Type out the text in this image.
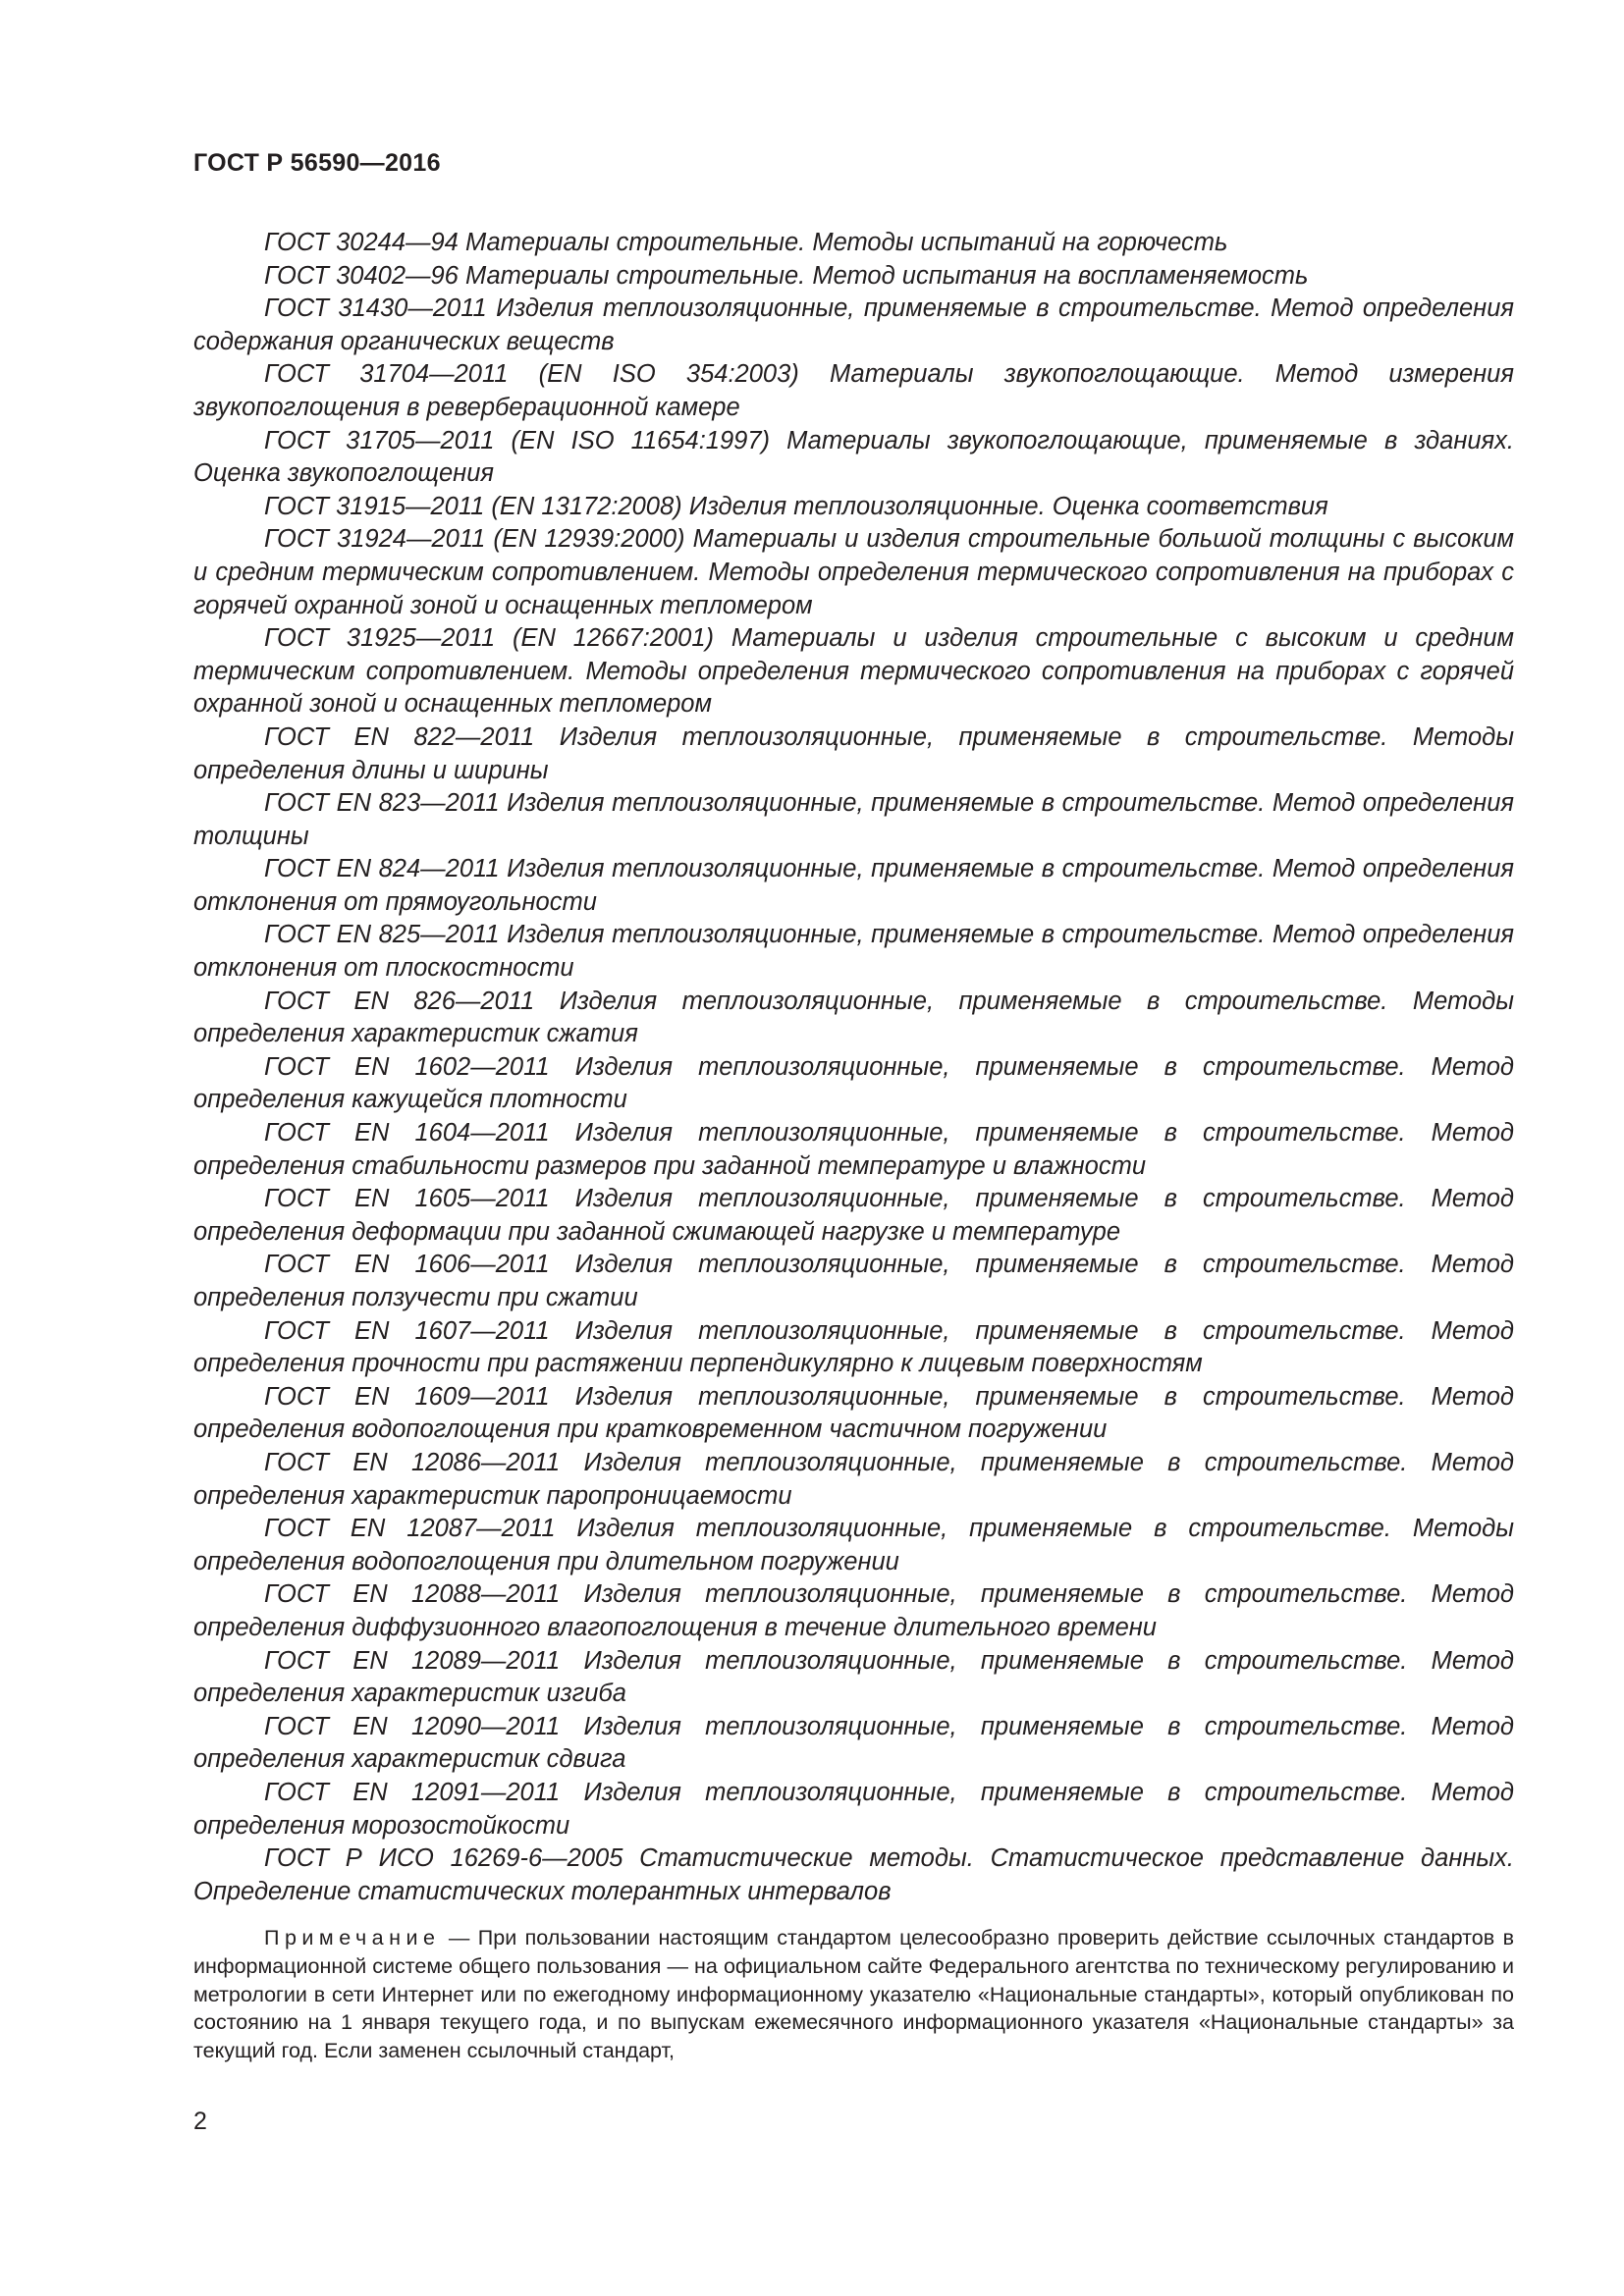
ГОСТ Р 56590—2016

ГОСТ 30244—94 Материалы строительные. Методы испытаний на горючесть

ГОСТ 30402—96 Материалы строительные. Метод испытания на воспламеняемость

ГОСТ 31430—2011 Изделия теплоизоляционные, применяемые в строительстве. Метод определения содержания органических веществ

ГОСТ 31704—2011 (EN ISO 354:2003) Материалы звукопоглощающие. Метод измерения звукопоглощения в реверберационной камере

ГОСТ 31705—2011 (EN ISO 11654:1997) Материалы звукопоглощающие, применяемые в зданиях. Оценка звукопоглощения

ГОСТ 31915—2011 (EN 13172:2008) Изделия теплоизоляционные. Оценка соответствия

ГОСТ 31924—2011 (EN 12939:2000) Материалы и изделия строительные большой толщины с высоким и средним термическим сопротивлением. Методы определения термического сопротивления на приборах с горячей охранной зоной и оснащенных тепломером

ГОСТ 31925—2011 (EN 12667:2001) Материалы и изделия строительные с высоким и средним термическим сопротивлением. Методы определения термического сопротивления на приборах с горячей охранной зоной и оснащенных тепломером

ГОСТ EN 822—2011 Изделия теплоизоляционные, применяемые в строительстве. Методы определения длины и ширины

ГОСТ EN 823—2011 Изделия теплоизоляционные, применяемые в строительстве. Метод определения толщины

ГОСТ EN 824—2011 Изделия теплоизоляционные, применяемые в строительстве. Метод определения отклонения от прямоугольности

ГОСТ EN 825—2011 Изделия теплоизоляционные, применяемые в строительстве. Метод определения отклонения от плоскостности

ГОСТ EN 826—2011 Изделия теплоизоляционные, применяемые в строительстве. Методы определения характеристик сжатия

ГОСТ EN 1602—2011 Изделия теплоизоляционные, применяемые в строительстве. Метод определения кажущейся плотности

ГОСТ EN 1604—2011 Изделия теплоизоляционные, применяемые в строительстве. Метод определения стабильности размеров при заданной температуре и влажности

ГОСТ EN 1605—2011 Изделия теплоизоляционные, применяемые в строительстве. Метод определения деформации при заданной сжимающей нагрузке и температуре

ГОСТ EN 1606—2011 Изделия теплоизоляционные, применяемые в строительстве. Метод определения ползучести при сжатии

ГОСТ EN 1607—2011 Изделия теплоизоляционные, применяемые в строительстве. Метод определения прочности при растяжении перпендикулярно к лицевым поверхностям

ГОСТ EN 1609—2011 Изделия теплоизоляционные, применяемые в строительстве. Метод определения водопоглощения при кратковременном частичном погружении

ГОСТ EN 12086—2011 Изделия теплоизоляционные, применяемые в строительстве. Метод определения характеристик паропроницаемости

ГОСТ EN 12087—2011 Изделия теплоизоляционные, применяемые в строительстве. Методы определения водопоглощения при длительном погружении

ГОСТ EN 12088—2011 Изделия теплоизоляционные, применяемые в строительстве. Метод определения диффузионного влагопоглощения в течение длительного времени

ГОСТ EN 12089—2011 Изделия теплоизоляционные, применяемые в строительстве. Метод определения характеристик изгиба

ГОСТ EN 12090—2011 Изделия теплоизоляционные, применяемые в строительстве. Метод определения характеристик сдвига

ГОСТ EN 12091—2011 Изделия теплоизоляционные, применяемые в строительстве. Метод определения морозостойкости

ГОСТ Р ИСО 16269-6—2005 Статистические методы. Статистическое представление данных. Определение статистических толерантных интервалов

Примечание — При пользовании настоящим стандартом целесообразно проверить действие ссылочных стандартов в информационной системе общего пользования — на официальном сайте Федерального агентства по техническому регулированию и метрологии в сети Интернет или по ежегодному информационному указателю «Национальные стандарты», который опубликован по состоянию на 1 января текущего года, и по выпускам ежемесячного информационного указателя «Национальные стандарты» за текущий год. Если заменен ссылочный стандарт,

2
